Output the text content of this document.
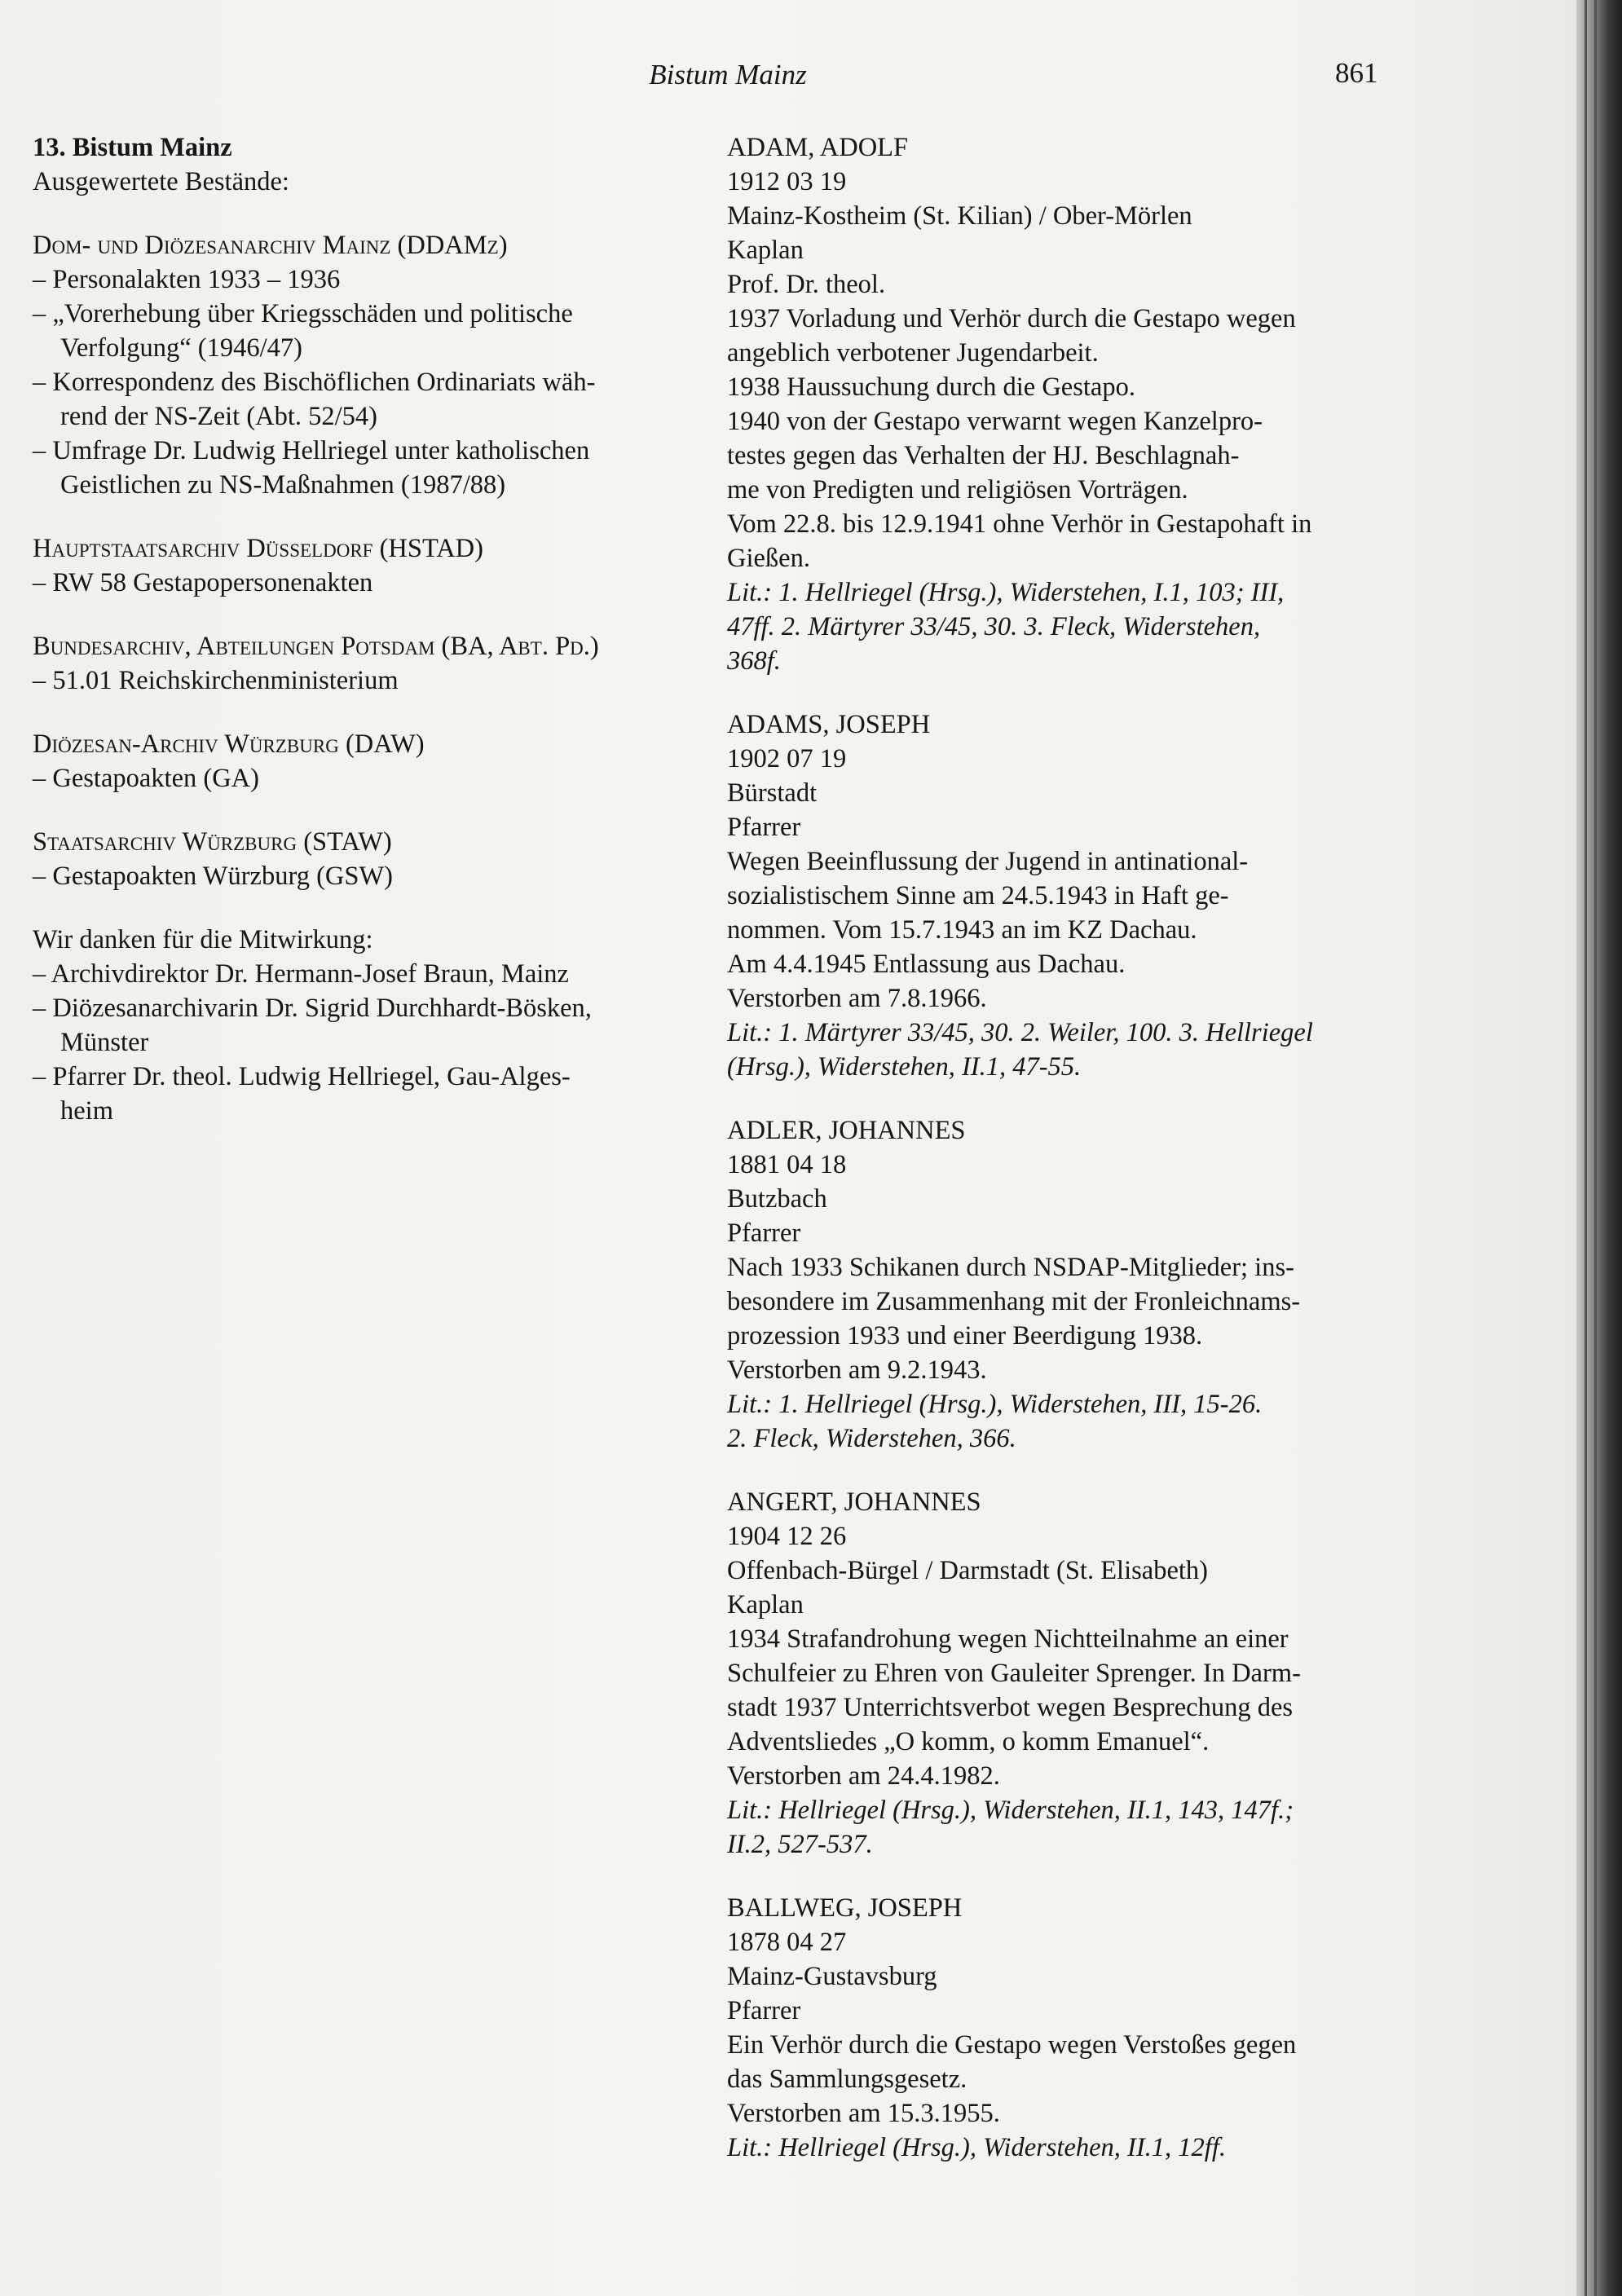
Bistum Mainz	861
13. Bistum Mainz
Ausgewertete Bestände:
Dom- und Diözesanarchiv Mainz (DDAMz)
– Personalakten 1933 – 1936
– „Vorerhebung über Kriegsschäden und politische
Verfolgung“ (1946/47)
– Korrespondenz des Bischöflichen Ordinariats wäh-
rend der NS-Zeit (Abt. 52/54)
– Umfrage Dr. Ludwig Hellriegel unter katholischen
Geistlichen zu NS-Maßnahmen (1987/88)
Hauptstaatsarchiv Düsseldorf (HSTAD)
– RW 58 Gestapopersonenakten
Bundesarchiv, Abteilungen Potsdam (BA, Abt. Pd.)
– 51.01 Reichskirchenministerium
Diözesan-Archiv Würzburg (DAW)
– Gestapoakten (GA)
Staatsarchiv Würzburg (STAW)
– Gestapoakten Würzburg (GSW)
Wir danken für die Mitwirkung:
– Archivdirektor Dr. Hermann-Josef Braun, Mainz
– Diözesanarchivarin Dr. Sigrid Durchhardt-Bösken,
Münster
– Pfarrer Dr. theol. Ludwig Hellriegel, Gau-Alges-
heim
ADAM, ADOLF
1912 03 19
Mainz-Kostheim (St. Kilian) / Ober-Mörlen
Kaplan
Prof. Dr. theol.
1937 Vorladung und Verhör durch die Gestapo wegen
angeblich verbotener Jugendarbeit.
1938 Haussuchung durch die Gestapo.
1940 von der Gestapo verwarnt wegen Kanzelpro-
testes gegen das Verhalten der HJ. Beschlagnah-
me von Predigten und religiösen Vorträgen.
Vom 22.8. bis 12.9.1941 ohne Verhör in Gestapohaft in
Gießen.
Lit.: 1. Hellriegel (Hrsg.), Widerstehen, I.1, 103; III,
47ff. 2. Märtyrer 33/45, 30. 3. Fleck, Widerstehen,
368f.
ADAMS, JOSEPH
1902 07 19
Bürstadt
Pfarrer
Wegen Beeinflussung der Jugend in antinational-
sozialistischem Sinne am 24.5.1943 in Haft ge-
nommen. Vom 15.7.1943 an im KZ Dachau.
Am 4.4.1945 Entlassung aus Dachau.
Verstorben am 7.8.1966.
Lit.: 1. Märtyrer 33/45, 30. 2. Weiler, 100. 3. Hellriegel
(Hrsg.), Widerstehen, II.1, 47-55.
ADLER, JOHANNES
1881 04 18
Butzbach
Pfarrer
Nach 1933 Schikanen durch NSDAP-Mitglieder; ins-
besondere im Zusammenhang mit der Fronleichnams-
prozession 1933 und einer Beerdigung 1938.
Verstorben am 9.2.1943.
Lit.: 1. Hellriegel (Hrsg.), Widerstehen, III, 15-26.
2. Fleck, Widerstehen, 366.
ANGERT, JOHANNES
1904 12 26
Offenbach-Bürgel / Darmstadt (St. Elisabeth)
Kaplan
1934 Strafandrohung wegen Nichtteilnahme an einer
Schulfeier zu Ehren von Gauleiter Sprenger. In Darm-
stadt 1937 Unterrichtsverbot wegen Besprechung des
Adventsliedes „O komm, o komm Emanuel“.
Verstorben am 24.4.1982.
Lit.: Hellriegel (Hrsg.), Widerstehen, II.1, 143, 147f.;
II.2, 527-537.
BALLWEG, JOSEPH
1878 04 27
Mainz-Gustavsburg
Pfarrer
Ein Verhör durch die Gestapo wegen Verstoßes gegen
das Sammlungsgesetz.
Verstorben am 15.3.1955.
Lit.: Hellriegel (Hrsg.), Widerstehen, II.1, 12ff.
